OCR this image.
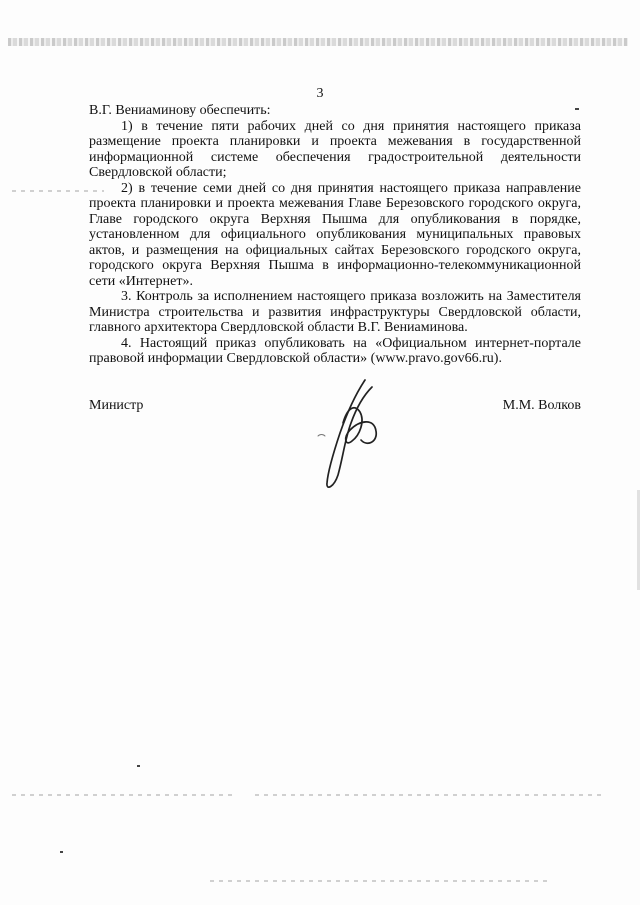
3

В.Г. Вениаминову обеспечить:

1) в течение пяти рабочих дней со дня принятия настоящего приказа размещение проекта планировки и проекта межевания в государственной информационной системе обеспечения градостроительной деятельности Свердловской области;

2) в течение семи дней со дня принятия настоящего приказа направление проекта планировки и проекта межевания Главе Березовского городского округа, Главе городского округа Верхняя Пышма для опубликования в порядке, установленном для официального опубликования муниципальных правовых актов, и размещения на официальных сайтах Березовского городского округа, городского округа Верхняя Пышма в информационно-телекоммуникационной сети «Интернет».

3. Контроль за исполнением настоящего приказа возложить на Заместителя Министра строительства и развития инфраструктуры Свердловской области, главного архитектора Свердловской области В.Г. Вениаминова.

4. Настоящий приказ опубликовать на «Официальном интернет-портале правовой информации Свердловской области» (www.pravo.gov66.ru).

Министр	М.М. Волков
